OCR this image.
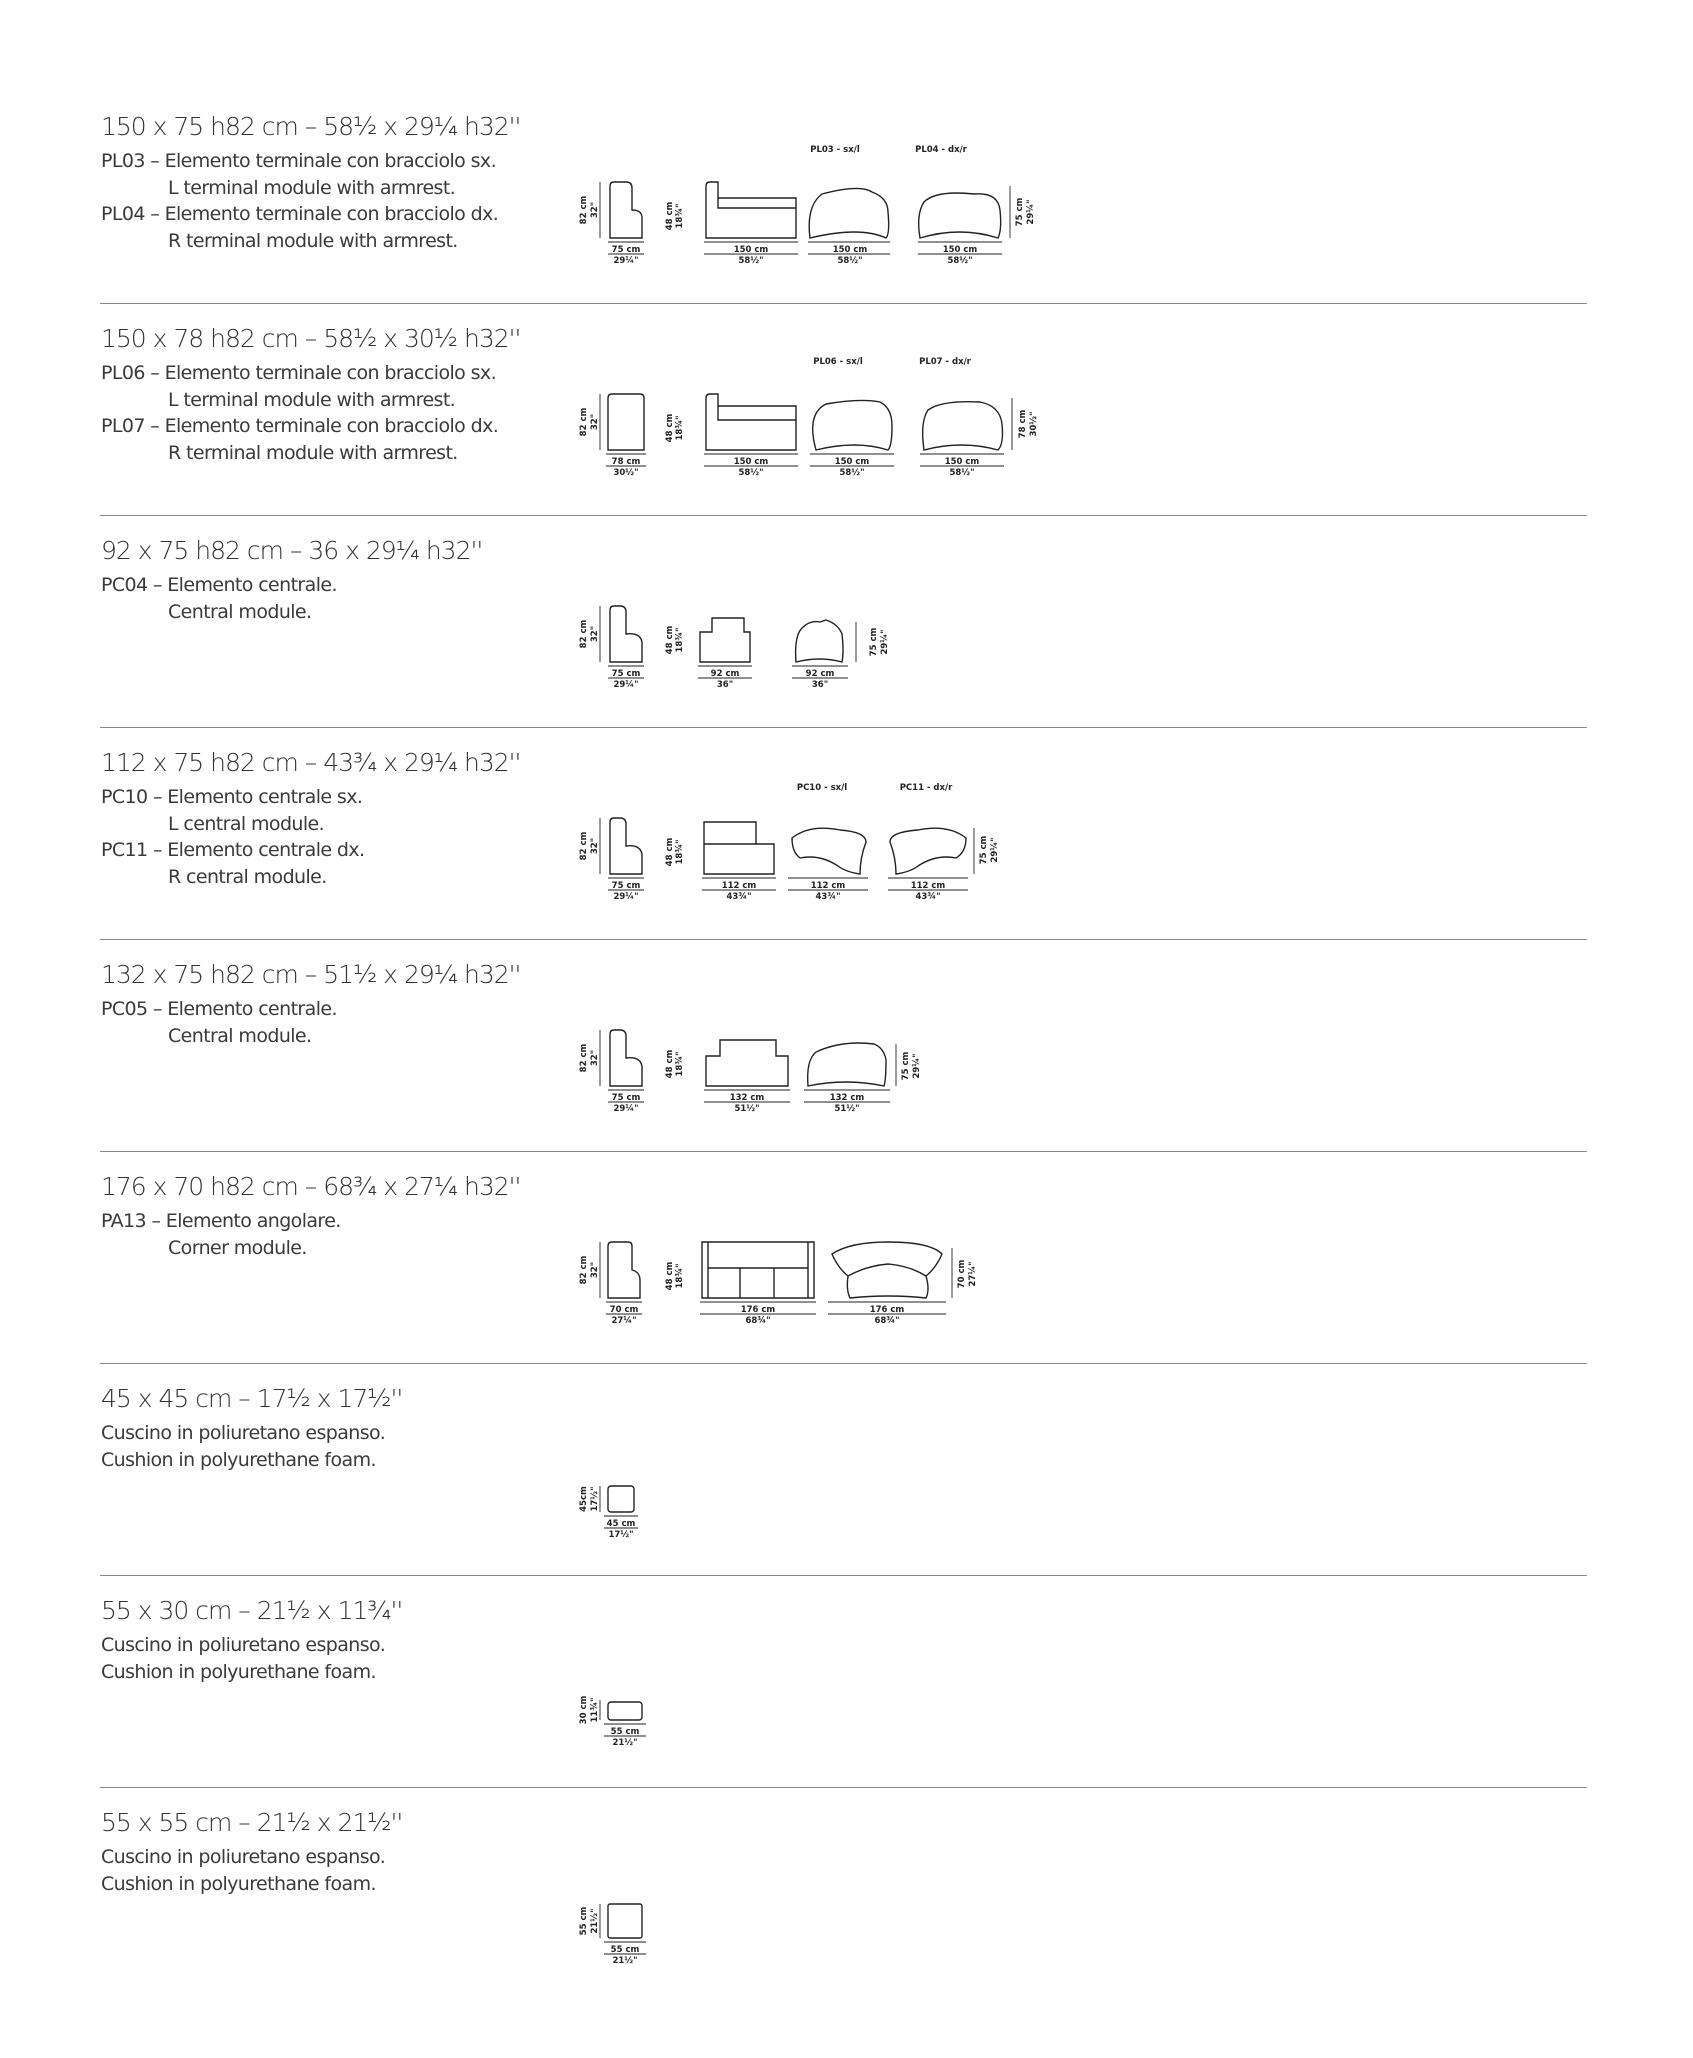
150 x 75 h82 cm – 58½ x 29¼ h32''
PL03 – Elemento terminale con bracciolo sx.
L terminal module with armrest.
PL04 – Elemento terminale con bracciolo dx.
R terminal module with armrest.
PL03 - sx/l	PL04 - dx/r
82 cm 32"
75 cm
29¼"
48 cm 18¾"
150 cm
58½"
150 cm
58½"
150 cm
58½"
75 cm 29¼"
150 x 78 h82 cm – 58½ x 30½ h32''
PL06 – Elemento terminale con bracciolo sx.
L terminal module with armrest.
PL07 – Elemento terminale con bracciolo dx.
R terminal module with armrest.
PL06 - sx/l	PL07 - dx/r
82 cm 32"
78 cm
30½"
48 cm 18¾"
150 cm
58½"
150 cm
58½"
150 cm
58½"
78 cm 30½"
92 x 75 h82 cm – 36 x 29¼ h32''
PC04 – Elemento centrale.
Central module.
82 cm 32"
75 cm
29¼"
48 cm 18¾"
92 cm
36"
92 cm
36"
75 cm 29¼"
112 x 75 h82 cm – 43¾ x 29¼ h32''
PC10 – Elemento centrale sx.
L central module.
PC11 – Elemento centrale dx.
R central module.
PC10 - sx/l	PC11 - dx/r
82 cm 32"
75 cm
29¼"
48 cm 18¾"
112 cm
43¾"
112 cm
43¾"
112 cm
43¾"
75 cm 29¼"
132 x 75 h82 cm – 51½ x 29¼ h32''
PC05 – Elemento centrale.
Central module.
82 cm 32"
75 cm
29¼"
48 cm 18¾"
132 cm
51½"
132 cm
51½"
75 cm 29¼"
176 x 70 h82 cm – 68¾ x 27¼ h32''
PA13 – Elemento angolare.
Corner module.
82 cm 32"
70 cm
27¼"
48 cm 18¾"
176 cm
68¾"
176 cm
68¾"
70 cm 27¼"
45 x 45 cm – 17½ x 17½''
Cuscino in poliuretano espanso.
Cushion in polyurethane foam.
45cm 17½"
45 cm
17½"
55 x 30 cm – 21½ x 11¾''
Cuscino in poliuretano espanso.
Cushion in polyurethane foam.
30 cm 11¾"
55 cm
21½"
55 x 55 cm – 21½ x 21½''
Cuscino in poliuretano espanso.
Cushion in polyurethane foam.
55 cm 21½"
55 cm
21½"
